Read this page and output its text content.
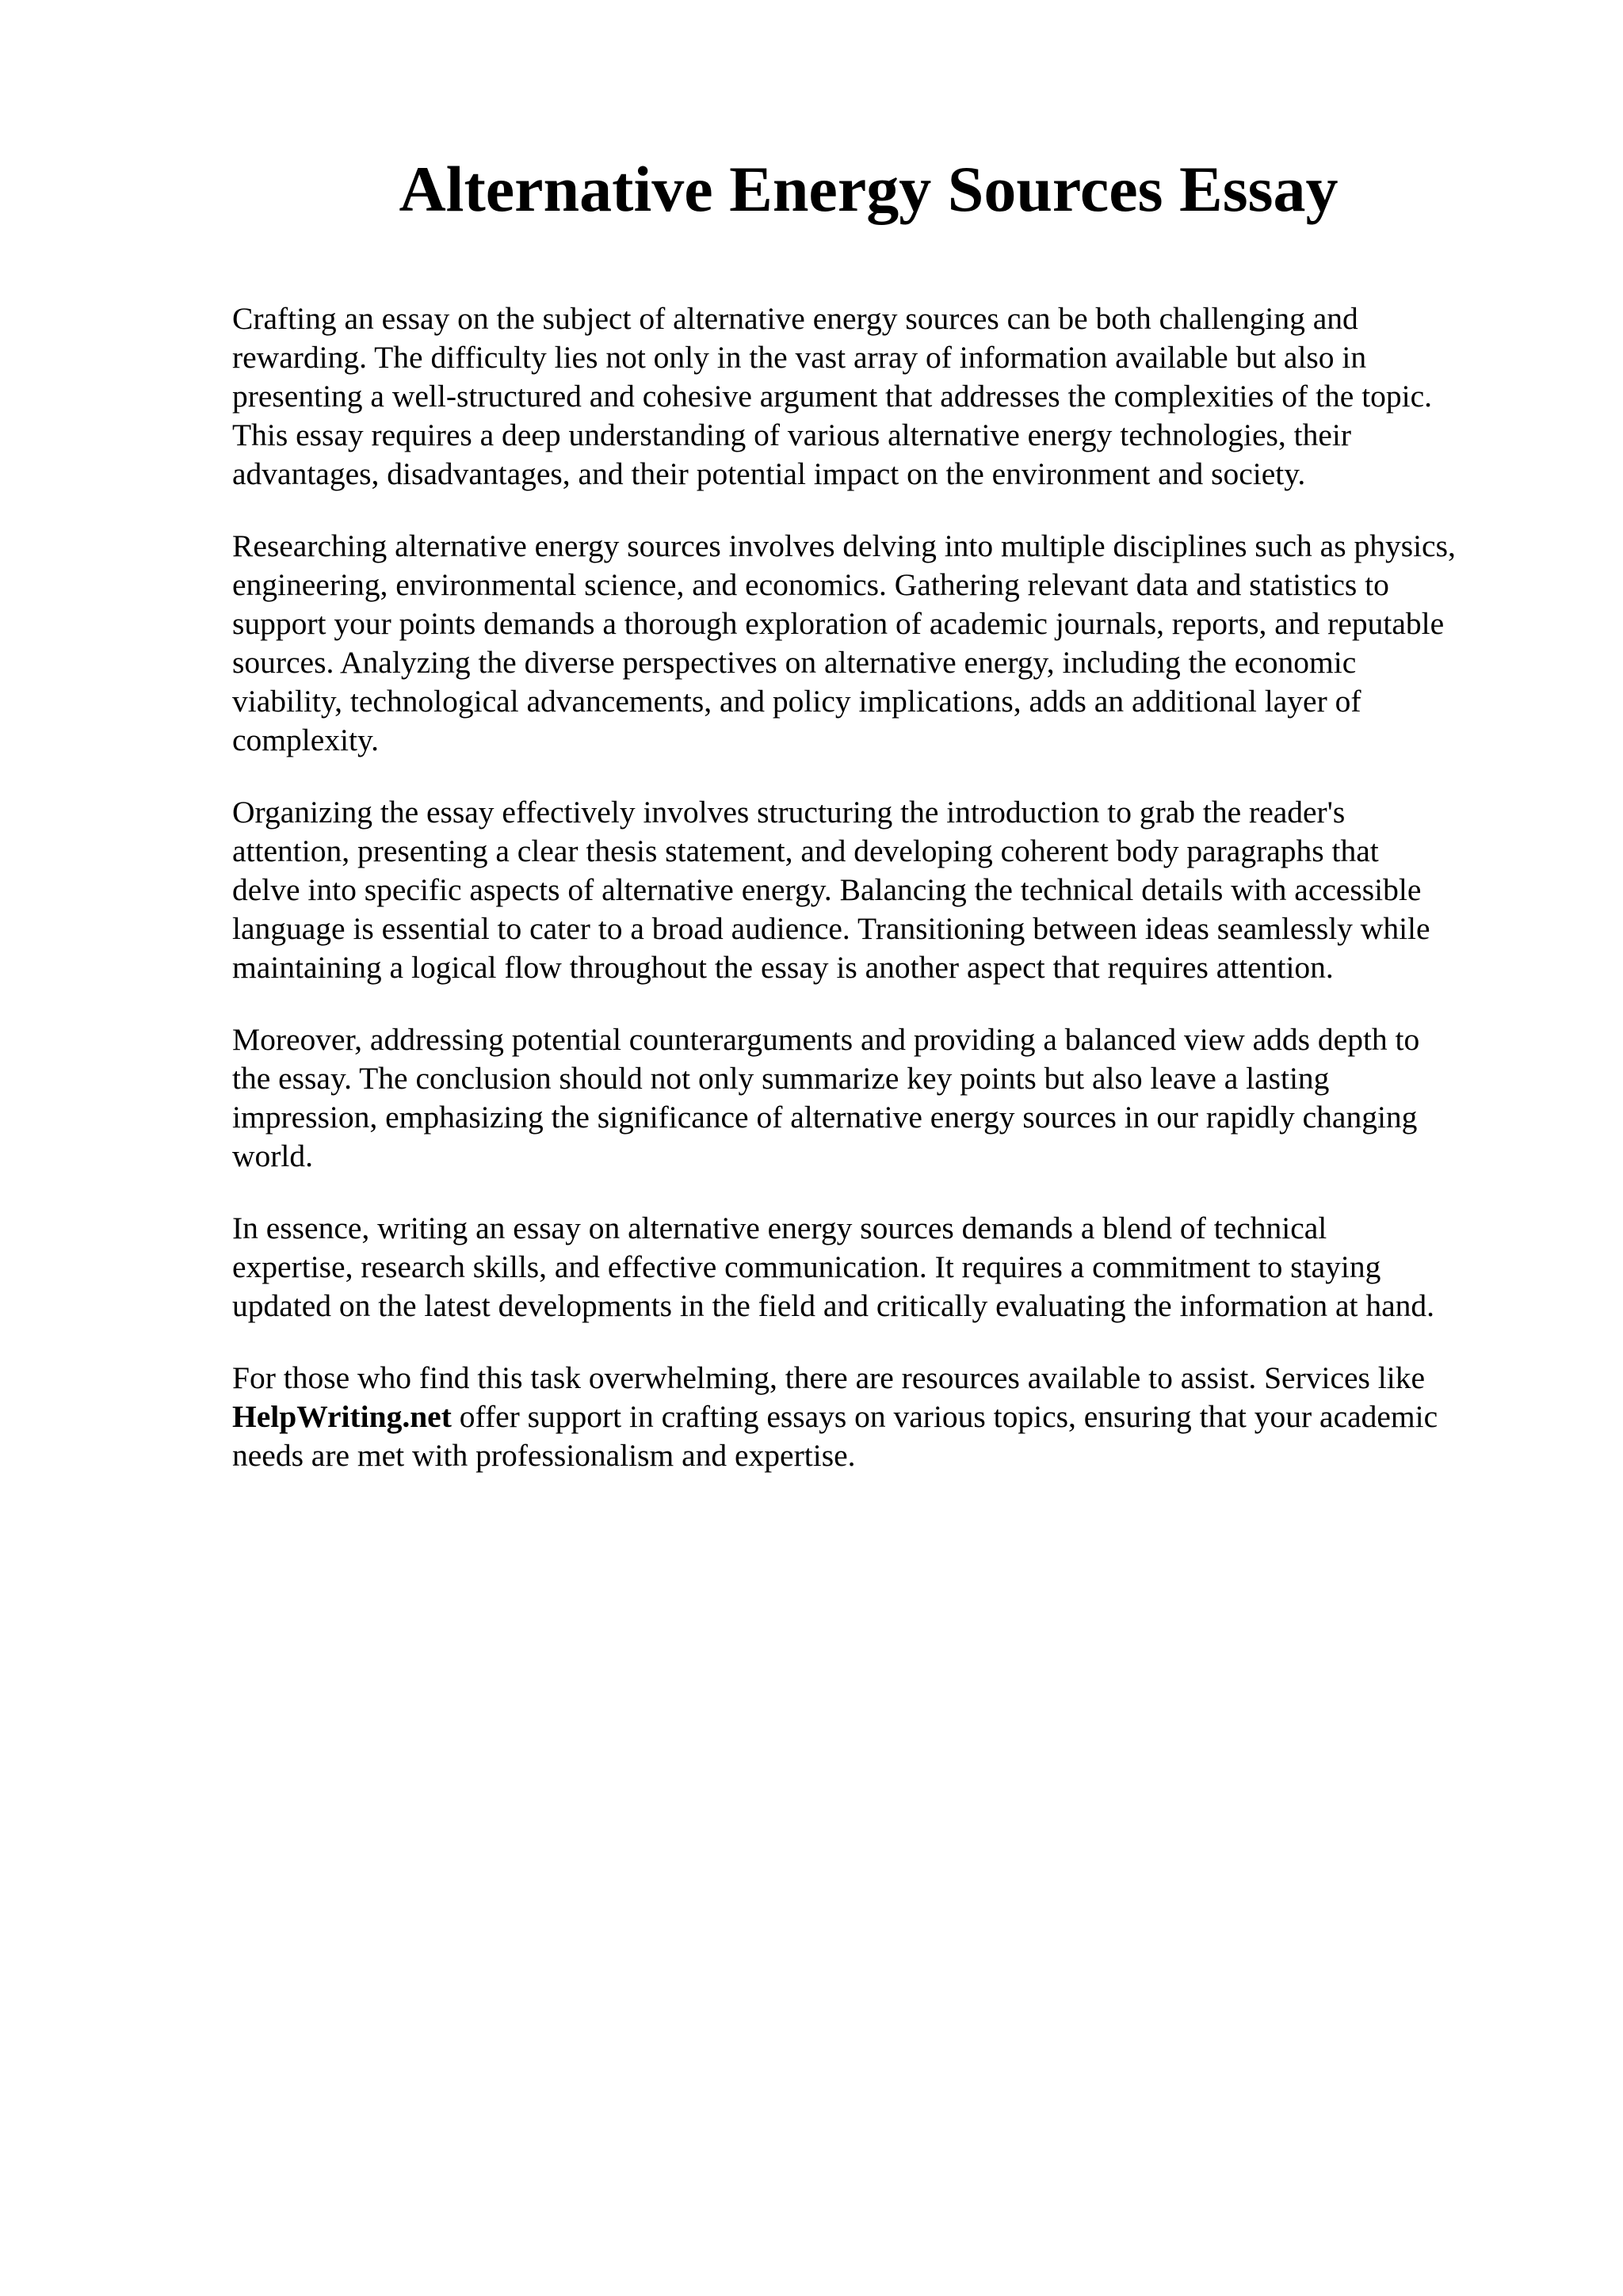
Alternative Energy Sources Essay

Crafting an essay on the subject of alternative energy sources can be both challenging and
rewarding. The difficulty lies not only in the vast array of information available but also in
presenting a well-structured and cohesive argument that addresses the complexities of the topic.
This essay requires a deep understanding of various alternative energy technologies, their
advantages, disadvantages, and their potential impact on the environment and society.

Researching alternative energy sources involves delving into multiple disciplines such as physics,
engineering, environmental science, and economics. Gathering relevant data and statistics to
support your points demands a thorough exploration of academic journals, reports, and reputable
sources. Analyzing the diverse perspectives on alternative energy, including the economic
viability, technological advancements, and policy implications, adds an additional layer of
complexity.

Organizing the essay effectively involves structuring the introduction to grab the reader's
attention, presenting a clear thesis statement, and developing coherent body paragraphs that
delve into specific aspects of alternative energy. Balancing the technical details with accessible
language is essential to cater to a broad audience. Transitioning between ideas seamlessly while
maintaining a logical flow throughout the essay is another aspect that requires attention.

Moreover, addressing potential counterarguments and providing a balanced view adds depth to
the essay. The conclusion should not only summarize key points but also leave a lasting
impression, emphasizing the significance of alternative energy sources in our rapidly changing
world.

In essence, writing an essay on alternative energy sources demands a blend of technical
expertise, research skills, and effective communication. It requires a commitment to staying
updated on the latest developments in the field and critically evaluating the information at hand.

For those who find this task overwhelming, there are resources available to assist. Services like
HelpWriting.net offer support in crafting essays on various topics, ensuring that your academic
needs are met with professionalism and expertise.
